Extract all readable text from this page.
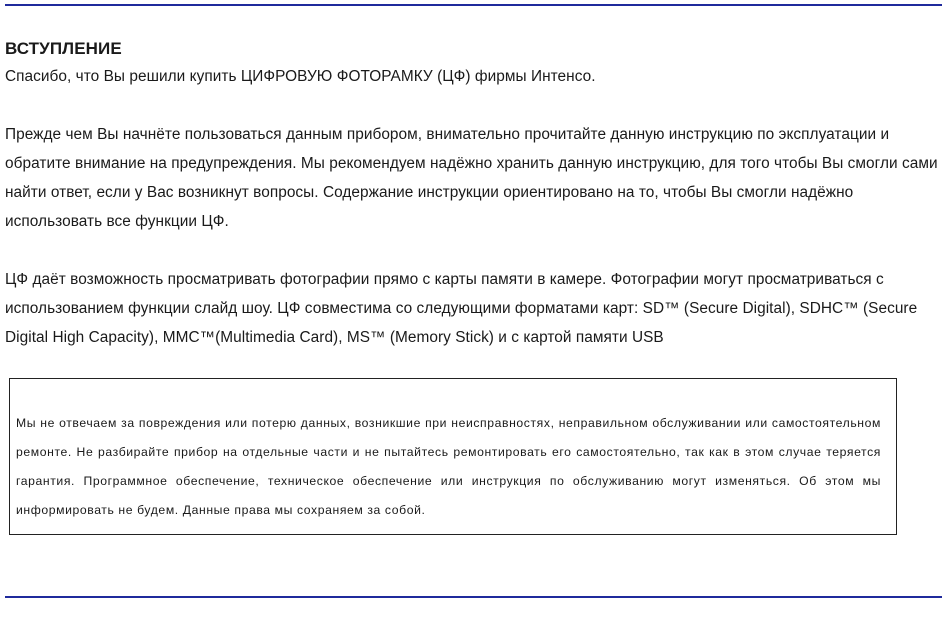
ВСТУПЛЕНИЕ

Спасибо, что Вы решили купить ЦИФРОВУЮ ФОТОРАМКУ (ЦФ) фирмы Интенсо.

Прежде чем Вы начнёте пользоваться данным прибором, внимательно прочитайте данную инструкцию по эксплуатации и обратите внимание на предупреждения. Мы рекомендуем надёжно хранить данную инструкцию, для того чтобы Вы смогли сами найти ответ, если у Вас возникнут вопросы. Содержание инструкции ориентировано на то, чтобы Вы смогли надёжно использовать все функции ЦФ.

ЦФ даёт возможность просматривать фотографии прямо с карты памяти в камере. Фотографии могут просматриваться с использованием функции слайд шоу. ЦФ совместима со следующими форматами карт: SD™ (Secure Digital), SDHC™ (Secure Digital High Capacity), MMC™(Multimedia Card), MS™ (Memory Stick) и с картой памяти USB

Мы не отвечаем за повреждения или потерю данных, возникшие при неисправностях, неправильном обслуживании или самостоятельном ремонте. Не разбирайте прибор на отдельные части и не пытайтесь ремонтировать его самостоятельно, так как в этом случае теряется гарантия. Программное обеспечение, техническое обеспечение или инструкция по обслуживанию могут изменяться. Об этом мы информировать не будем. Данные права мы сохраняем за собой.
